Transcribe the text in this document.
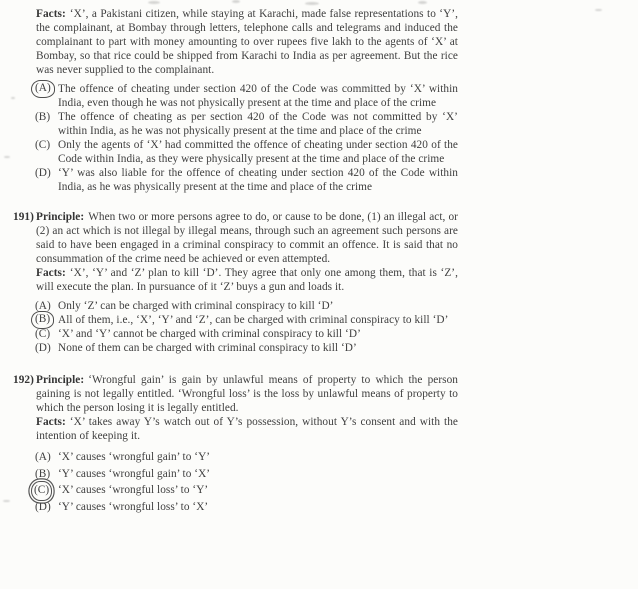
Facts: ‘X’, a Pakistani citizen, while staying at Karachi, made false representations to ‘Y’, the complainant, at Bombay through letters, telephone calls and telegrams and induced the complainant to part with money amounting to over rupees five lakh to the agents of ‘X’ at Bombay, so that rice could be shipped from Karachi to India as per agreement. But the rice was never supplied to the complainant.

(A) The offence of cheating under section 420 of the Code was committed by ‘X’ within India, even though he was not physically present at the time and place of the crime

(B) The offence of cheating as per section 420 of the Code was not committed by ‘X’ within India, as he was not physically present at the time and place of the crime

(C) Only the agents of ‘X’ had committed the offence of cheating under section 420 of the Code within India, as they were physically present at the time and place of the crime

(D) ‘Y’ was also liable for the offence of cheating under section 420 of the Code within India, as he was physically present at the time and place of the crime

191) Principle: When two or more persons agree to do, or cause to be done, (1) an illegal act, or (2) an act which is not illegal by illegal means, through such an agreement such persons are said to have been engaged in a criminal conspiracy to commit an offence. It is said that no consummation of the crime need be achieved or even attempted.

Facts: ‘X’, ‘Y’ and ‘Z’ plan to kill ‘D’. They agree that only one among them, that is ‘Z’, will execute the plan. In pursuance of it ‘Z’ buys a gun and loads it.

(A) Only ‘Z’ can be charged with criminal conspiracy to kill ‘D’

(B) All of them, i.e., ‘X’, ‘Y’ and ‘Z’, can be charged with criminal conspiracy to kill ‘D’

(C) ‘X’ and ‘Y’ cannot be charged with criminal conspiracy to kill ‘D’

(D) None of them can be charged with criminal conspiracy to kill ‘D’

192) Principle: ‘Wrongful gain’ is gain by unlawful means of property to which the person gaining is not legally entitled. ‘Wrongful loss’ is the loss by unlawful means of property to which the person losing it is legally entitled.

Facts: ‘X’ takes away Y’s watch out of Y’s possession, without Y’s consent and with the intention of keeping it.

(A) ‘X’ causes ‘wrongful gain’ to ‘Y’

(B) ‘Y’ causes ‘wrongful gain’ to ‘X’

(C) ‘X’ causes ‘wrongful loss’ to ‘Y’

(D) ‘Y’ causes ‘wrongful loss’ to ‘X’
